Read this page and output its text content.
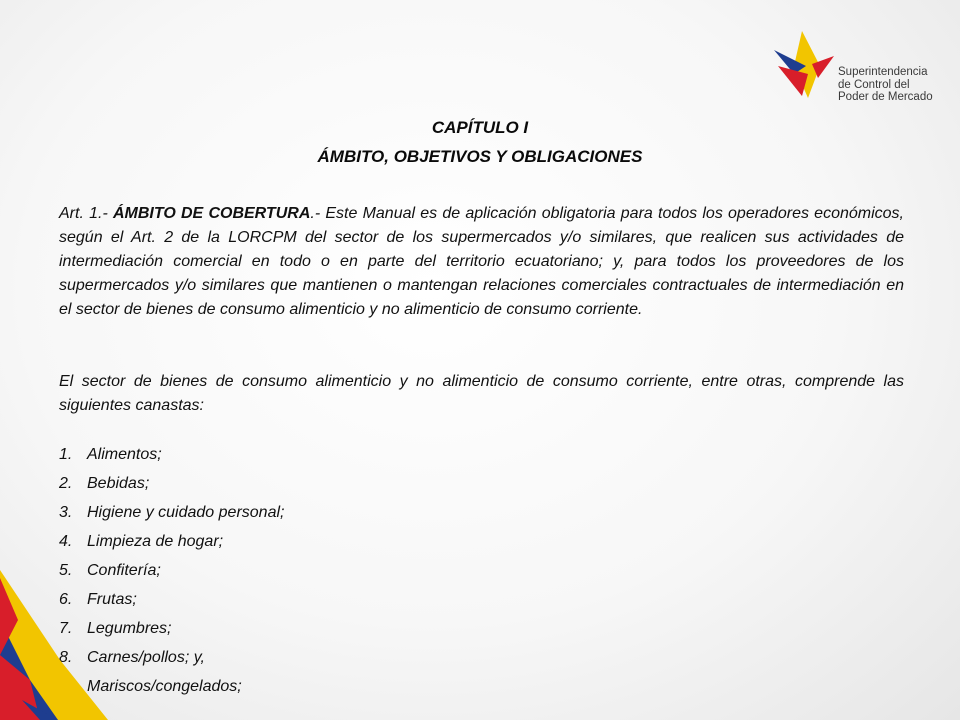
Superintendencia
de Control del
Poder de Mercado
CAPÍTULO I
ÁMBITO, OBJETIVOS Y OBLIGACIONES
Art. 1.- ÁMBITO DE COBERTURA.- Este Manual es de aplicación obligatoria para todos los operadores económicos, según el Art. 2 de la LORCPM del sector de los supermercados y/o similares, que realicen sus actividades de intermediación comercial en todo o en parte del territorio ecuatoriano; y, para todos los proveedores de los supermercados y/o similares que mantienen o mantengan relaciones comerciales contractuales de intermediación en el sector de bienes de consumo alimenticio y no alimenticio de consumo corriente.
El sector de bienes de consumo alimenticio y no alimenticio de consumo corriente, entre otras, comprende las siguientes canastas:
1. Alimentos;
2. Bebidas;
3. Higiene y cuidado personal;
4. Limpieza de hogar;
5. Confitería;
6. Frutas;
7. Legumbres;
8. Carnes/pollos; y,
Mariscos/congelados;
